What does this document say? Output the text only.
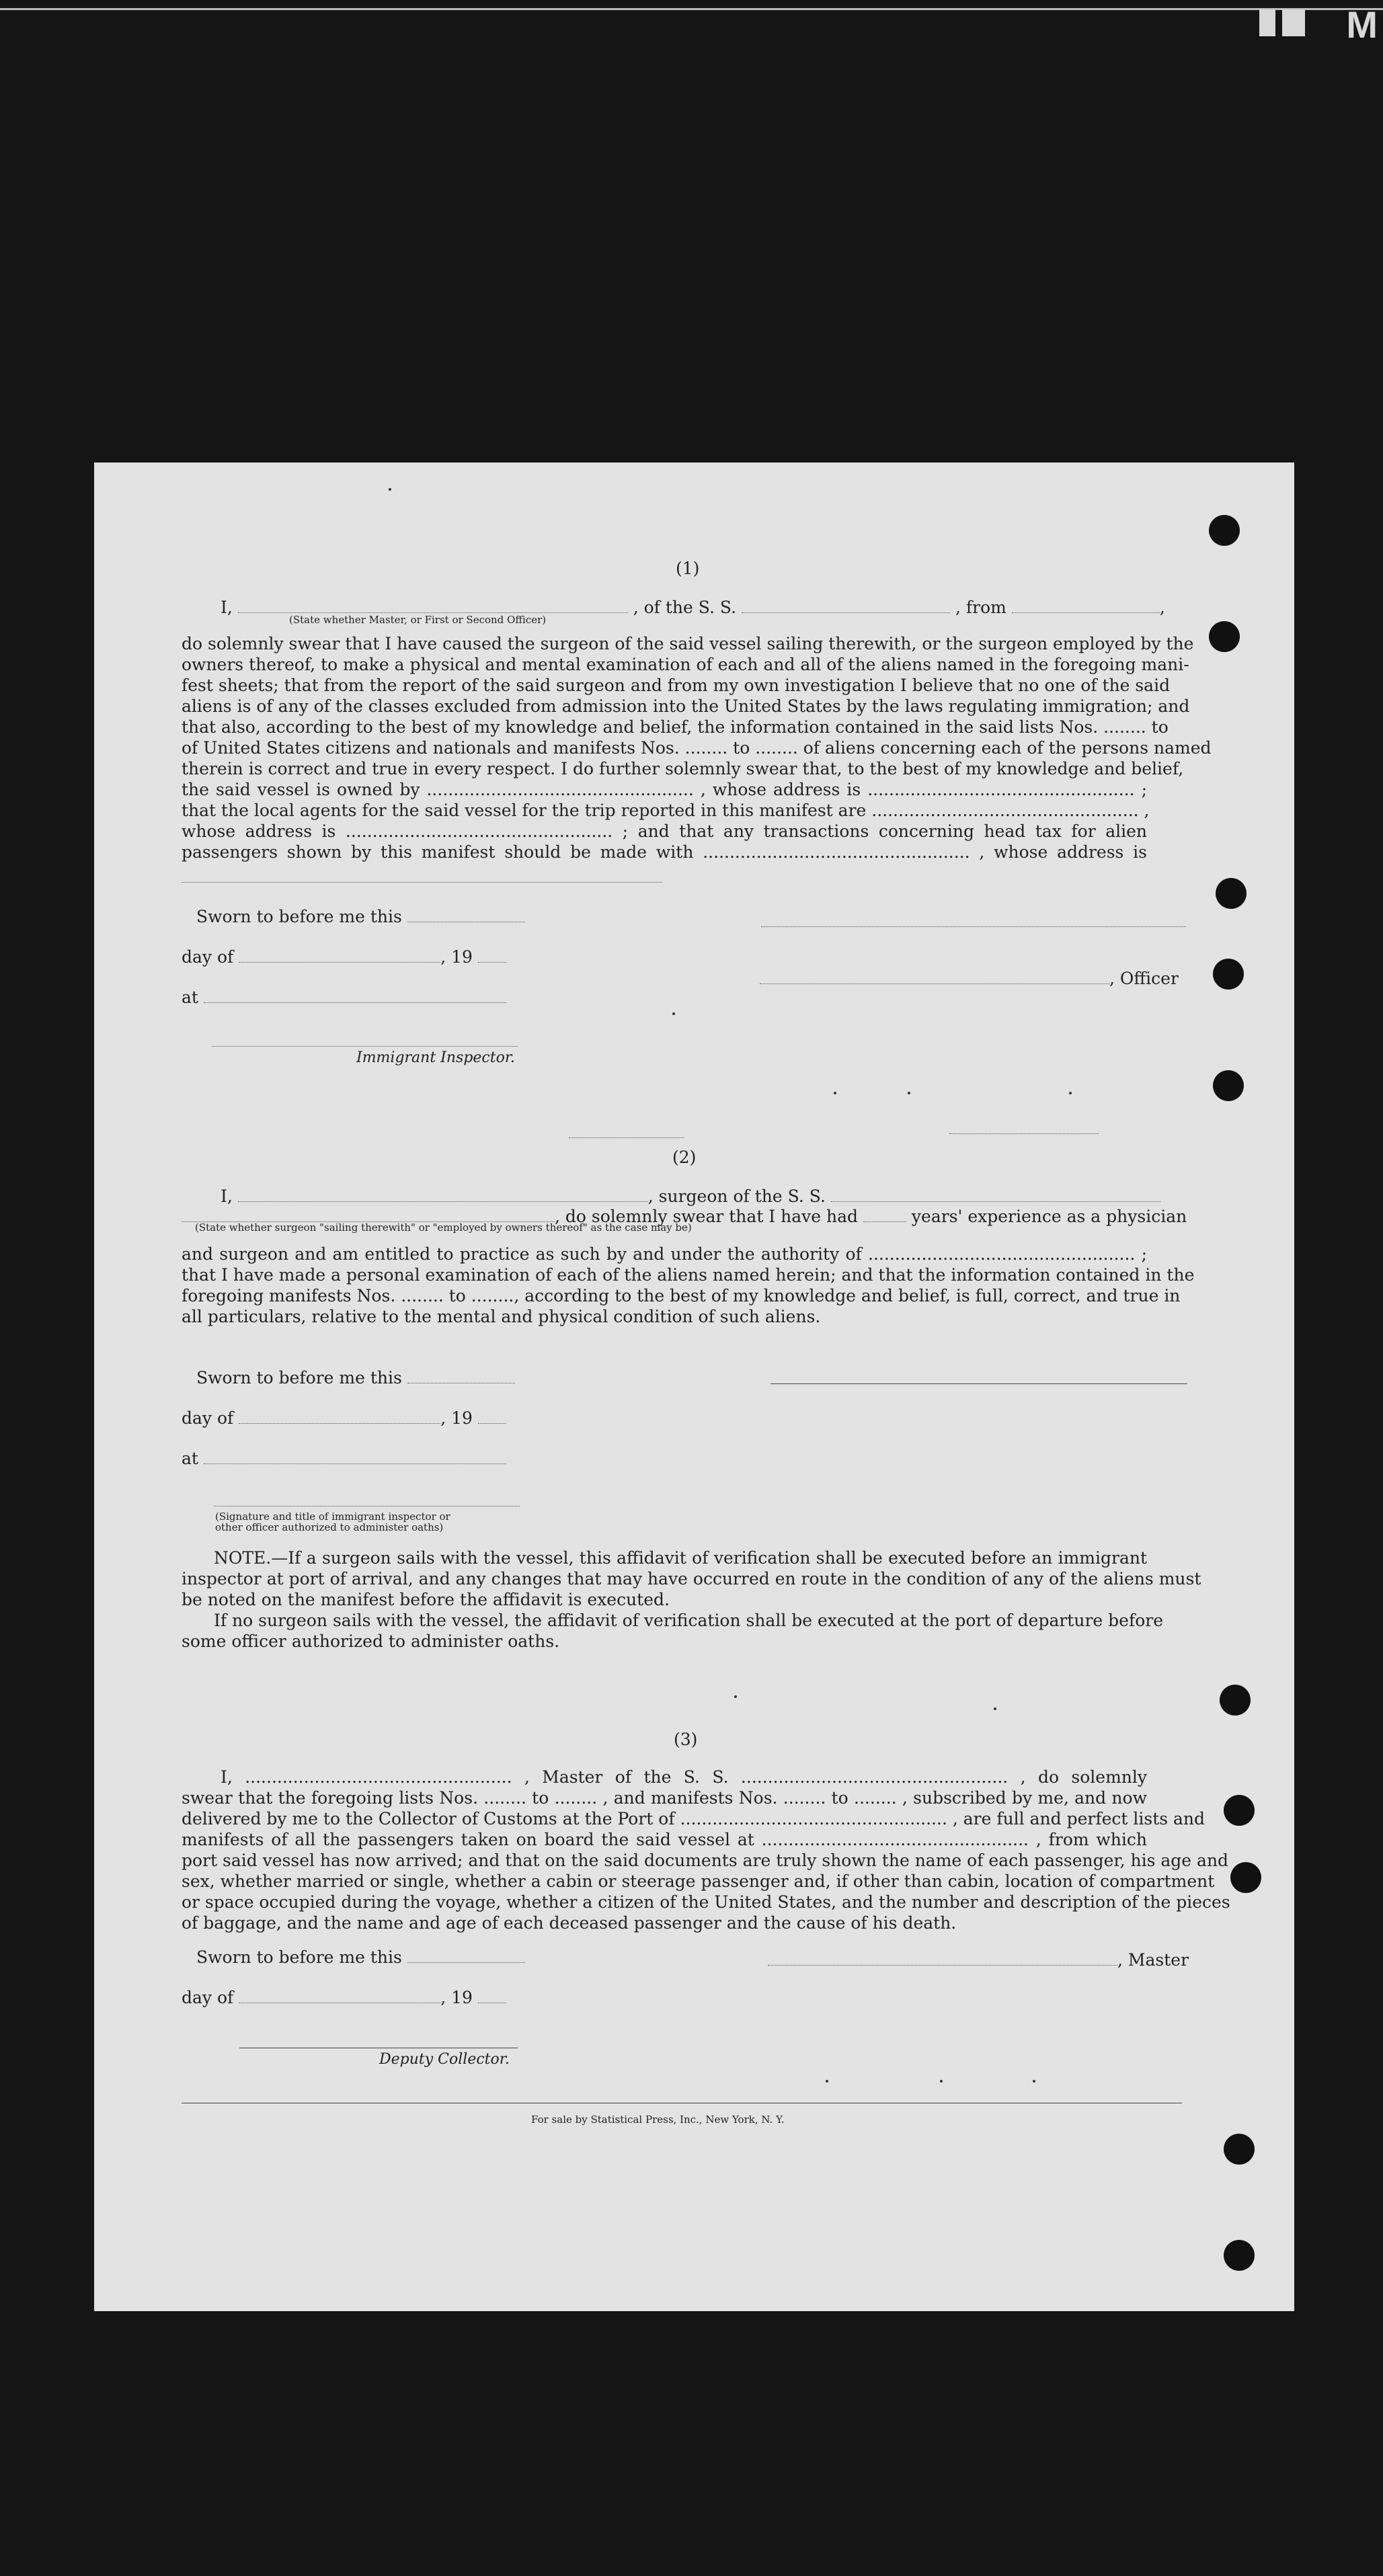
M
(1)
I,	, of the S. S.	, from	,
(State whether Master, or First or Second Officer)
do solemnly swear that I have caused the surgeon of the said vessel sailing therewith, or the surgeon employed by the
owners thereof, to make a physical and mental examination of each and all of the aliens named in the foregoing mani-
fest sheets; that from the report of the said surgeon and from my own investigation I believe that no one of the said
aliens is of any of the classes excluded from admission into the United States by the laws regulating immigration; and
that also, according to the best of my knowledge and belief, the information contained in the said lists Nos. ........ to
of United States citizens and nationals and manifests Nos. ........ to ........ of aliens concerning each of the persons named
therein is correct and true in every respect. I do further solemnly swear that, to the best of my knowledge and belief,
the said vessel is owned by .................................................. , whose address is .................................................. ;
that the local agents for the said vessel for the trip reported in this manifest are .................................................. ,
whose address is .................................................. ; and that any transactions concerning head tax for alien
passengers shown by this manifest should be made with .................................................. , whose address is
Sworn to before me this
day of	, 19
, Officer
at
Immigrant Inspector.
(2)
I,	, surgeon of the S. S.
, do solemnly swear that I have had	years' experience as a physician
(State whether surgeon "sailing therewith" or "employed by owners thereof" as the case may be)
and surgeon and am entitled to practice as such by and under the authority of .................................................. ;
that I have made a personal examination of each of the aliens named herein; and that the information contained in the
foregoing manifests Nos. ........ to ........, according to the best of my knowledge and belief, is full, correct, and true in
all particulars, relative to the mental and physical condition of such aliens.
Sworn to before me this
day of	, 19
at
(Signature and title of immigrant inspector or
other officer authorized to administer oaths)
NOTE.—If a surgeon sails with the vessel, this affidavit of verification shall be executed before an immigrant
inspector at port of arrival, and any changes that may have occurred en route in the condition of any of the aliens must
be noted on the manifest before the affidavit is executed.
If no surgeon sails with the vessel, the affidavit of verification shall be executed at the port of departure before
some officer authorized to administer oaths.
(3)
I, .................................................. , Master of the S. S. .................................................. , do solemnly
swear that the foregoing lists Nos. ........ to ........ , and manifests Nos. ........ to ........ , subscribed by me, and now
delivered by me to the Collector of Customs at the Port of .................................................. , are full and perfect lists and
manifests of all the passengers taken on board the said vessel at .................................................. , from which
port said vessel has now arrived; and that on the said documents are truly shown the name of each passenger, his age and
sex, whether married or single, whether a cabin or steerage passenger and, if other than cabin, location of compartment
or space occupied during the voyage, whether a citizen of the United States, and the number and description of the pieces
of baggage, and the name and age of each deceased passenger and the cause of his death.
Sworn to before me this	, Master
day of	, 19
Deputy Collector.
For sale by Statistical Press, Inc., New York, N. Y.
